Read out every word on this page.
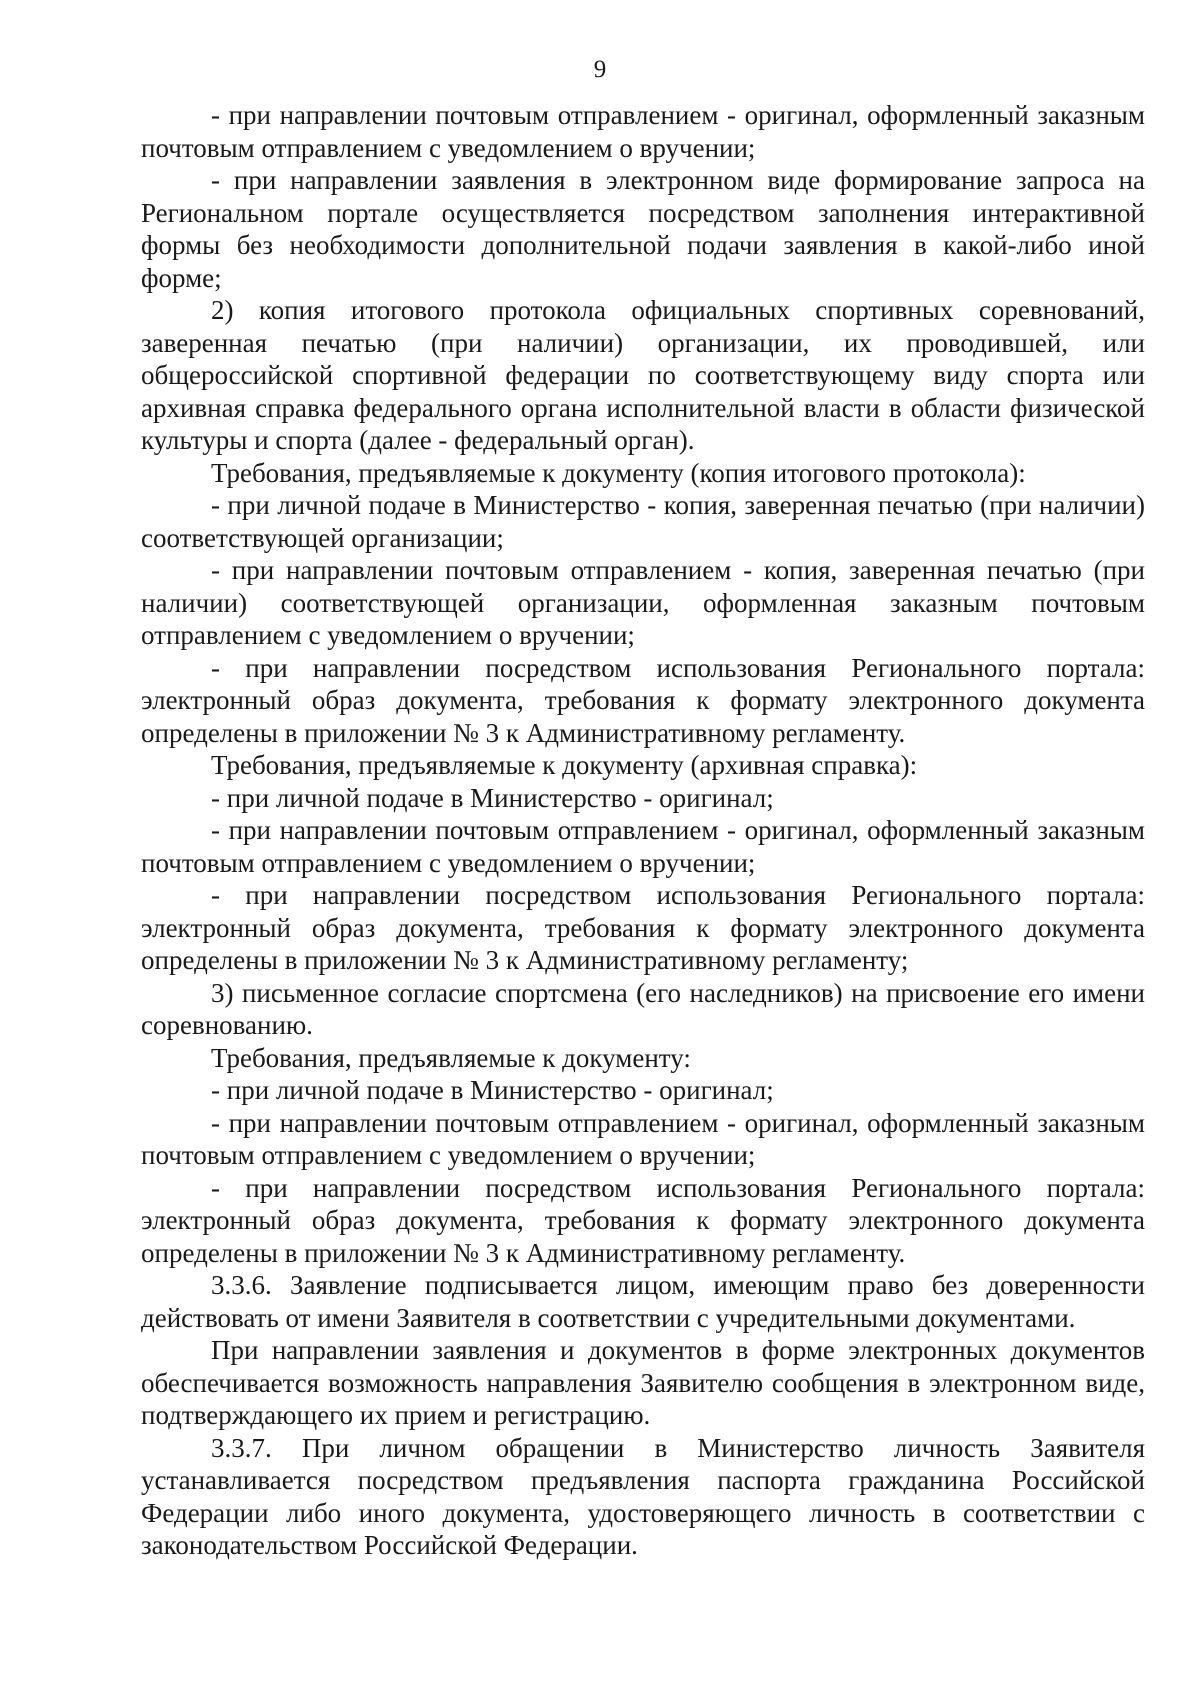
9

- при направлении почтовым отправлением - оригинал, оформленный заказным почтовым отправлением с уведомлением о вручении;

- при направлении заявления в электронном виде формирование запроса на Региональном портале осуществляется посредством заполнения интерактивной формы без необходимости дополнительной подачи заявления в какой-либо иной форме;

2) копия итогового протокола официальных спортивных соревнований, заверенная печатью (при наличии) организации, их проводившей, или общероссийской спортивной федерации по соответствующему виду спорта или архивная справка федерального органа исполнительной власти в области физической культуры и спорта (далее - федеральный орган).

Требования, предъявляемые к документу (копия итогового протокола):

- при личной подаче в Министерство - копия, заверенная печатью (при наличии) соответствующей организации;

- при направлении почтовым отправлением - копия, заверенная печатью (при наличии) соответствующей организации, оформленная заказным почтовым отправлением с уведомлением о вручении;

- при направлении посредством использования Регионального портала: электронный образ документа, требования к формату электронного документа определены в приложении № 3 к Административному регламенту.

Требования, предъявляемые к документу (архивная справка):

- при личной подаче в Министерство - оригинал;

- при направлении почтовым отправлением - оригинал, оформленный заказным почтовым отправлением с уведомлением о вручении;

- при направлении посредством использования Регионального портала: электронный образ документа, требования к формату электронного документа определены в приложении № 3 к Административному регламенту;

3) письменное согласие спортсмена (его наследников) на присвоение его имени соревнованию.

Требования, предъявляемые к документу:

- при личной подаче в Министерство - оригинал;

- при направлении почтовым отправлением - оригинал, оформленный заказным почтовым отправлением с уведомлением о вручении;

- при направлении посредством использования Регионального портала: электронный образ документа, требования к формату электронного документа определены в приложении № 3 к Административному регламенту.

3.3.6. Заявление подписывается лицом, имеющим право без доверенности действовать от имени Заявителя в соответствии с учредительными документами.

При направлении заявления и документов в форме электронных документов обеспечивается возможность направления Заявителю сообщения в электронном виде, подтверждающего их прием и регистрацию.

3.3.7. При личном обращении в Министерство личность Заявителя устанавливается посредством предъявления паспорта гражданина Российской Федерации либо иного документа, удостоверяющего личность в соответствии с законодательством Российской Федерации.
